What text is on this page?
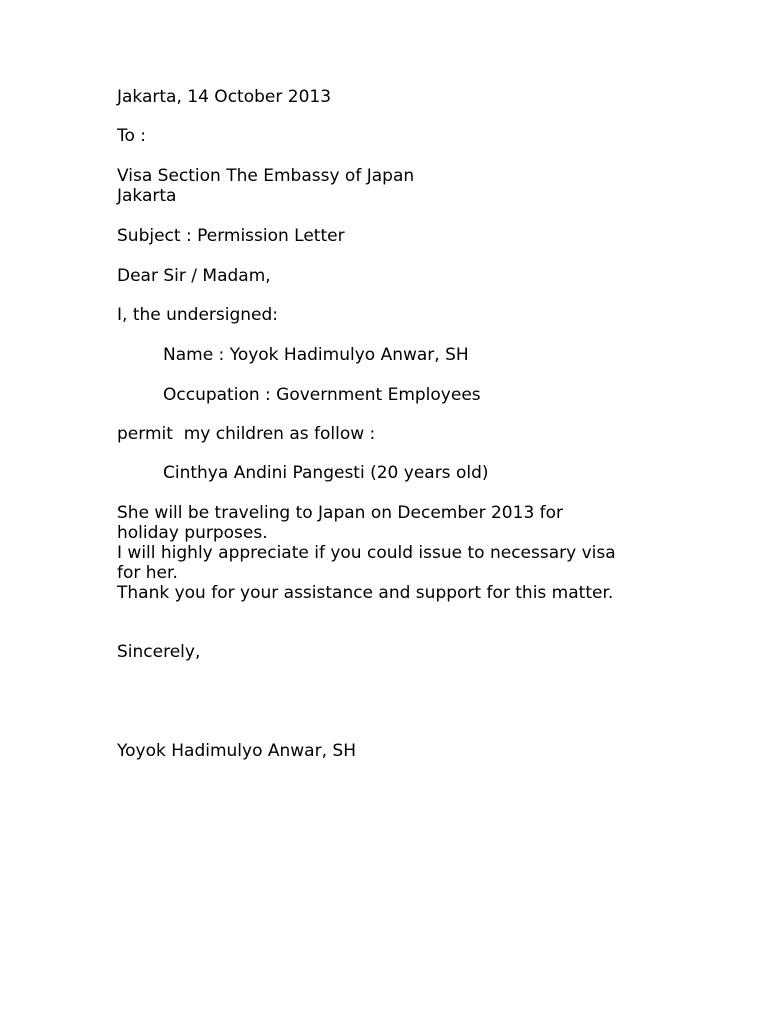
Jakarta, 14 October 2013

To :

Visa Section The Embassy of Japan

Jakarta

Subject : Permission Letter

Dear Sir / Madam,

I, the undersigned:

Name : Yoyok Hadimulyo Anwar, SH

Occupation : Government Employees

permit  my children as follow :

Cinthya Andini Pangesti (20 years old)

She will be traveling to Japan on December 2013 for
holiday purposes.
I will highly appreciate if you could issue to necessary visa
for her.
Thank you for your assistance and support for this matter.

Sincerely,

Yoyok Hadimulyo Anwar, SH
